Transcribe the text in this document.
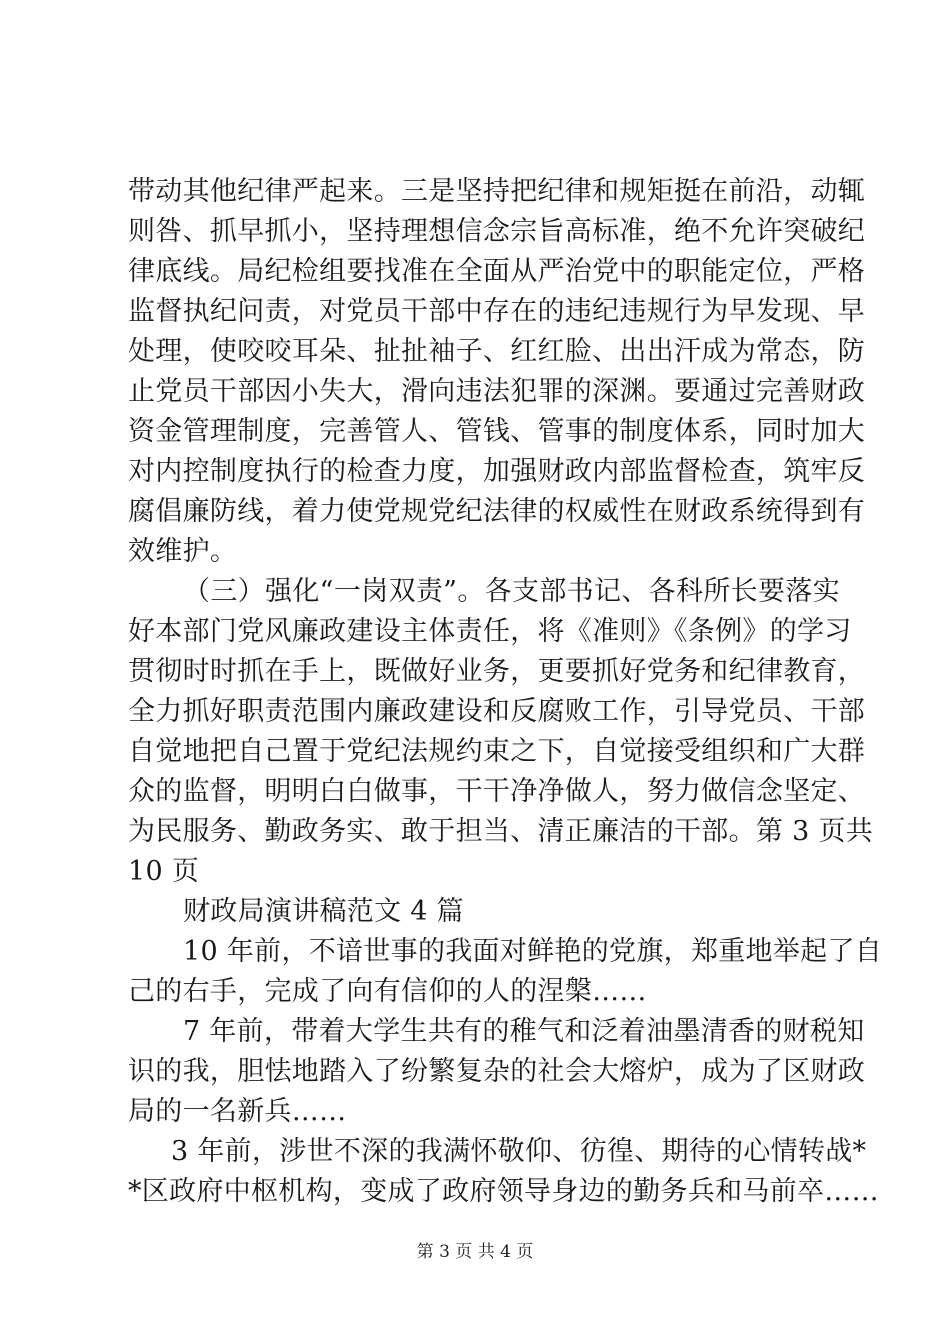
带动其他纪律严起来。三是坚持把纪律和规矩挺在前沿，动辄
则咎、抓早抓小，坚持理想信念宗旨高标准，绝不允许突破纪
律底线。局纪检组要找准在全面从严治党中的职能定位，严格
监督执纪问责，对党员干部中存在的违纪违规行为早发现、早
处理，使咬咬耳朵、扯扯袖子、红红脸、出出汗成为常态，防
止党员干部因小失大，滑向违法犯罪的深渊。要通过完善财政
资金管理制度，完善管人、管钱、管事的制度体系，同时加大
对内控制度执行的检查力度，加强财政内部监督检查，筑牢反
腐倡廉防线，着力使党规党纪法律的权威性在财政系统得到有
效维护。
（三）强化“一岗双责”。各支部书记、各科所长要落实
好本部门党风廉政建设主体责任，将《准则》《条例》的学习
贯彻时时抓在手上，既做好业务，更要抓好党务和纪律教育，
全力抓好职责范围内廉政建设和反腐败工作，引导党员、干部
自觉地把自己置于党纪法规约束之下，自觉接受组织和广大群
众的监督，明明白白做事，干干净净做人，努力做信念坚定、
为民服务、勤政务实、敢于担当、清正廉洁的干部。第 3 页共
10 页
财政局演讲稿范文 4 篇
10 年前，不谙世事的我面对鲜艳的党旗，郑重地举起了自
己的右手，完成了向有信仰的人的涅槃……
7 年前，带着大学生共有的稚气和泛着油墨清香的财税知
识的我，胆怯地踏入了纷繁复杂的社会大熔炉，成为了区财政
局的一名新兵……
3 年前，涉世不深的我满怀敬仰、彷徨、期待的心情转战*
*区政府中枢机构，变成了政府领导身边的勤务兵和马前卒……
第 3 页 共 4 页
